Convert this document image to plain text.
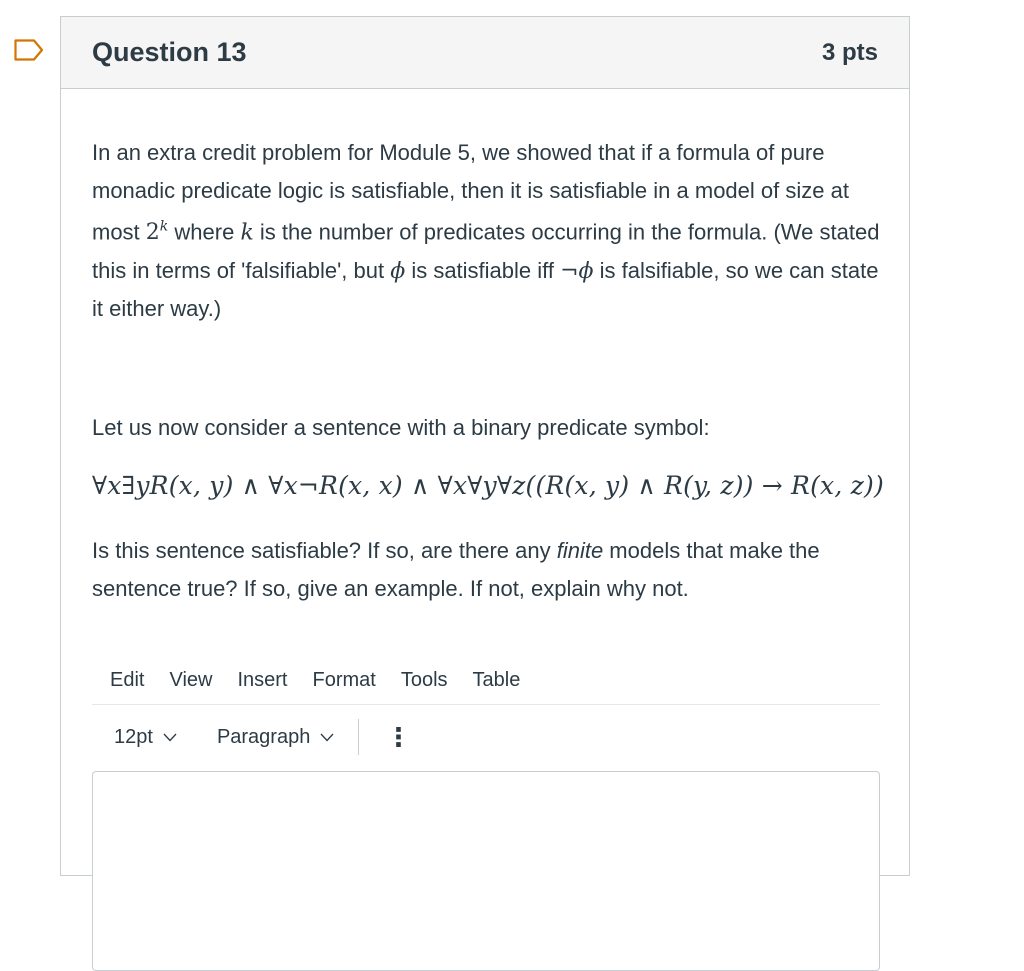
Question 13	3 pts

In an extra credit problem for Module 5, we showed that if a formula of pure monadic predicate logic is satisfiable, then it is satisfiable in a model of size at most 2$^k$ where k is the number of predicates occurring in the formula. (We stated this in terms of 'falsifiable', but ϕ is satisfiable iff ¬ϕ is falsifiable, so we can state it either way.)

Let us now consider a sentence with a binary predicate symbol:

∀x∃yR(x, y) ∧ ∀x¬R(x, x) ∧ ∀x∀y∀z((R(x, y) ∧ R(y, z)) → R(x, z))

Is this sentence satisfiable? If so, are there any finite models that make the sentence true? If so, give an example. If not, explain why not.

Edit View Insert Format Tools Table
12pt	Paragraph	⋮
